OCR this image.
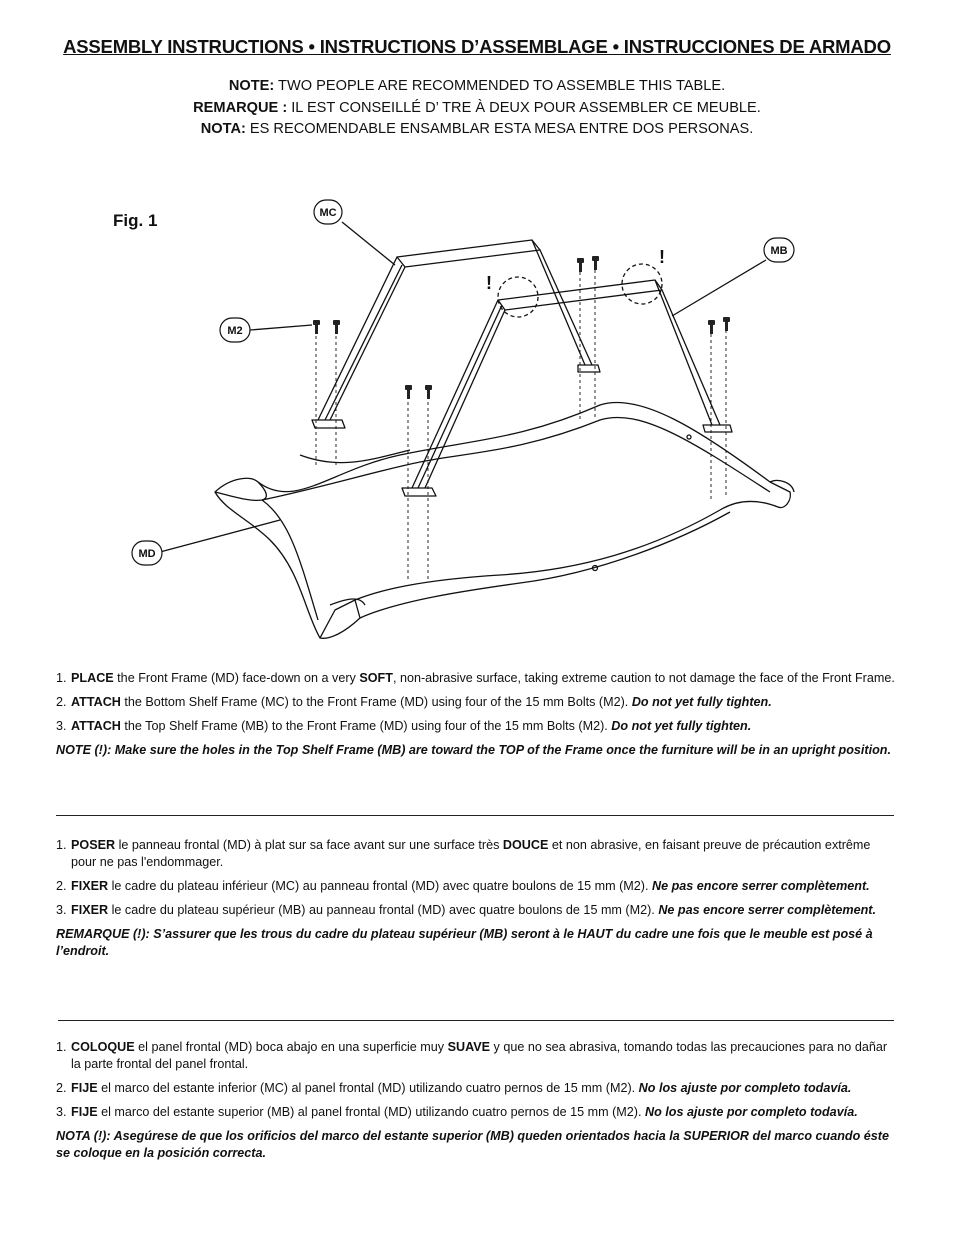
ASSEMBLY INSTRUCTIONS • INSTRUCTIONS D’ASSEMBLAGE • INSTRUCCIONES DE ARMADO
NOTE: TWO PEOPLE ARE RECOMMENDED TO ASSEMBLE THIS TABLE.
REMARQUE : IL EST CONSEILLÉ D’ TRE À DEUX POUR ASSEMBLER CE MEUBLE.
NOTA: ES RECOMENDABLE ENSAMBLAR ESTA MESA ENTRE DOS PERSONAS.
Fig. 1	MC
MB
M2
MD
!
!
1. PLACE the Front Frame (MD) face-down on a very SOFT, non-abrasive surface, taking extreme caution to not damage the face of the Front Frame.
2. ATTACH the Bottom Shelf Frame (MC) to the Front Frame (MD) using four of the 15 mm Bolts (M2). Do not yet fully tighten.
3. ATTACH the Top Shelf Frame (MB) to the Front Frame (MD) using four of the 15 mm Bolts (M2). Do not yet fully tighten.
NOTE (!): Make sure the holes in the Top Shelf Frame (MB) are toward the TOP of the Frame once the furniture will be in an upright position.
1. POSER le panneau frontal (MD) à plat sur sa face avant sur une surface très DOUCE et non abrasive, en faisant preuve de précaution extrême pour ne pas l'endommager.
2. FIXER le cadre du plateau inférieur (MC) au panneau frontal (MD) avec quatre boulons de 15 mm (M2). Ne pas encore serrer complètement.
3. FIXER le cadre du plateau supérieur (MB) au panneau frontal (MD) avec quatre boulons de 15 mm (M2). Ne pas encore serrer complètement.
REMARQUE (!): S’assurer que les trous du cadre du plateau supérieur (MB) seront à le HAUT du cadre une fois que le meuble est posé à l’endroit.
1. COLOQUE el panel frontal (MD) boca abajo en una superficie muy SUAVE y que no sea abrasiva, tomando todas las precauciones para no dañar la parte frontal del panel frontal.
2. FIJE el marco del estante inferior (MC) al panel frontal (MD) utilizando cuatro pernos de 15 mm (M2). No los ajuste por completo todavía.
3. FIJE el marco del estante superior (MB) al panel frontal (MD) utilizando cuatro pernos de 15 mm (M2). No los ajuste por completo todavía.
NOTA (!): Asegúrese de que los orificios del marco del estante superior (MB) queden orientados hacia la SUPERIOR del marco cuando éste se coloque en la posición correcta.
